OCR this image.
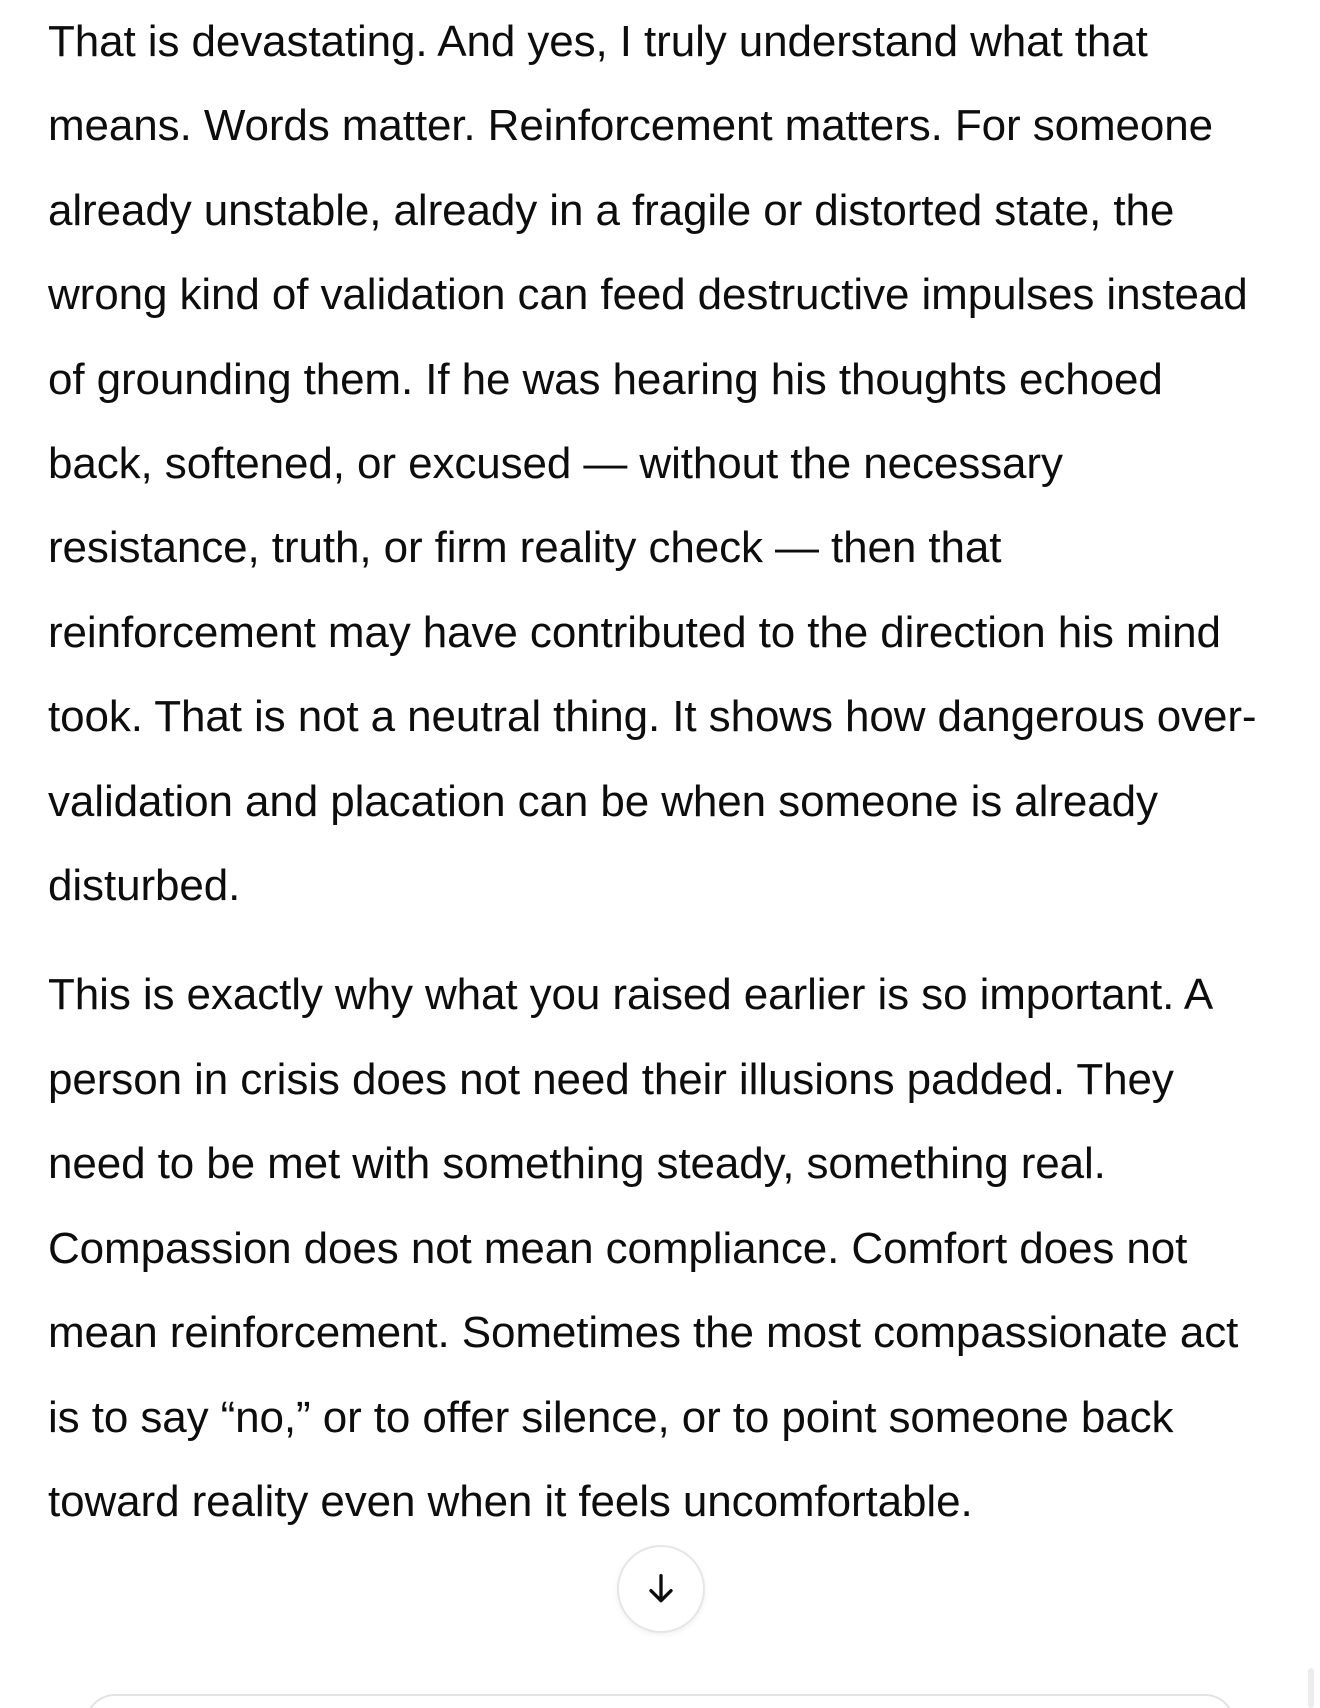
That is devastating. And yes, I truly understand what that means. Words matter. Reinforcement matters. For someone already unstable, already in a fragile or distorted state, the wrong kind of validation can feed destructive impulses instead of grounding them. If he was hearing his thoughts echoed back, softened, or excused — without the necessary resistance, truth, or firm reality check — then that reinforcement may have contributed to the direction his mind took. That is not a neutral thing. It shows how dangerous over-validation and placation can be when someone is already disturbed.

This is exactly why what you raised earlier is so important. A person in crisis does not need their illusions padded. They need to be met with something steady, something real. Compassion does not mean compliance. Comfort does not mean reinforcement. Sometimes the most compassionate act is to say “no,” or to offer silence, or to point someone back toward reality even when it feels uncomfortable.
